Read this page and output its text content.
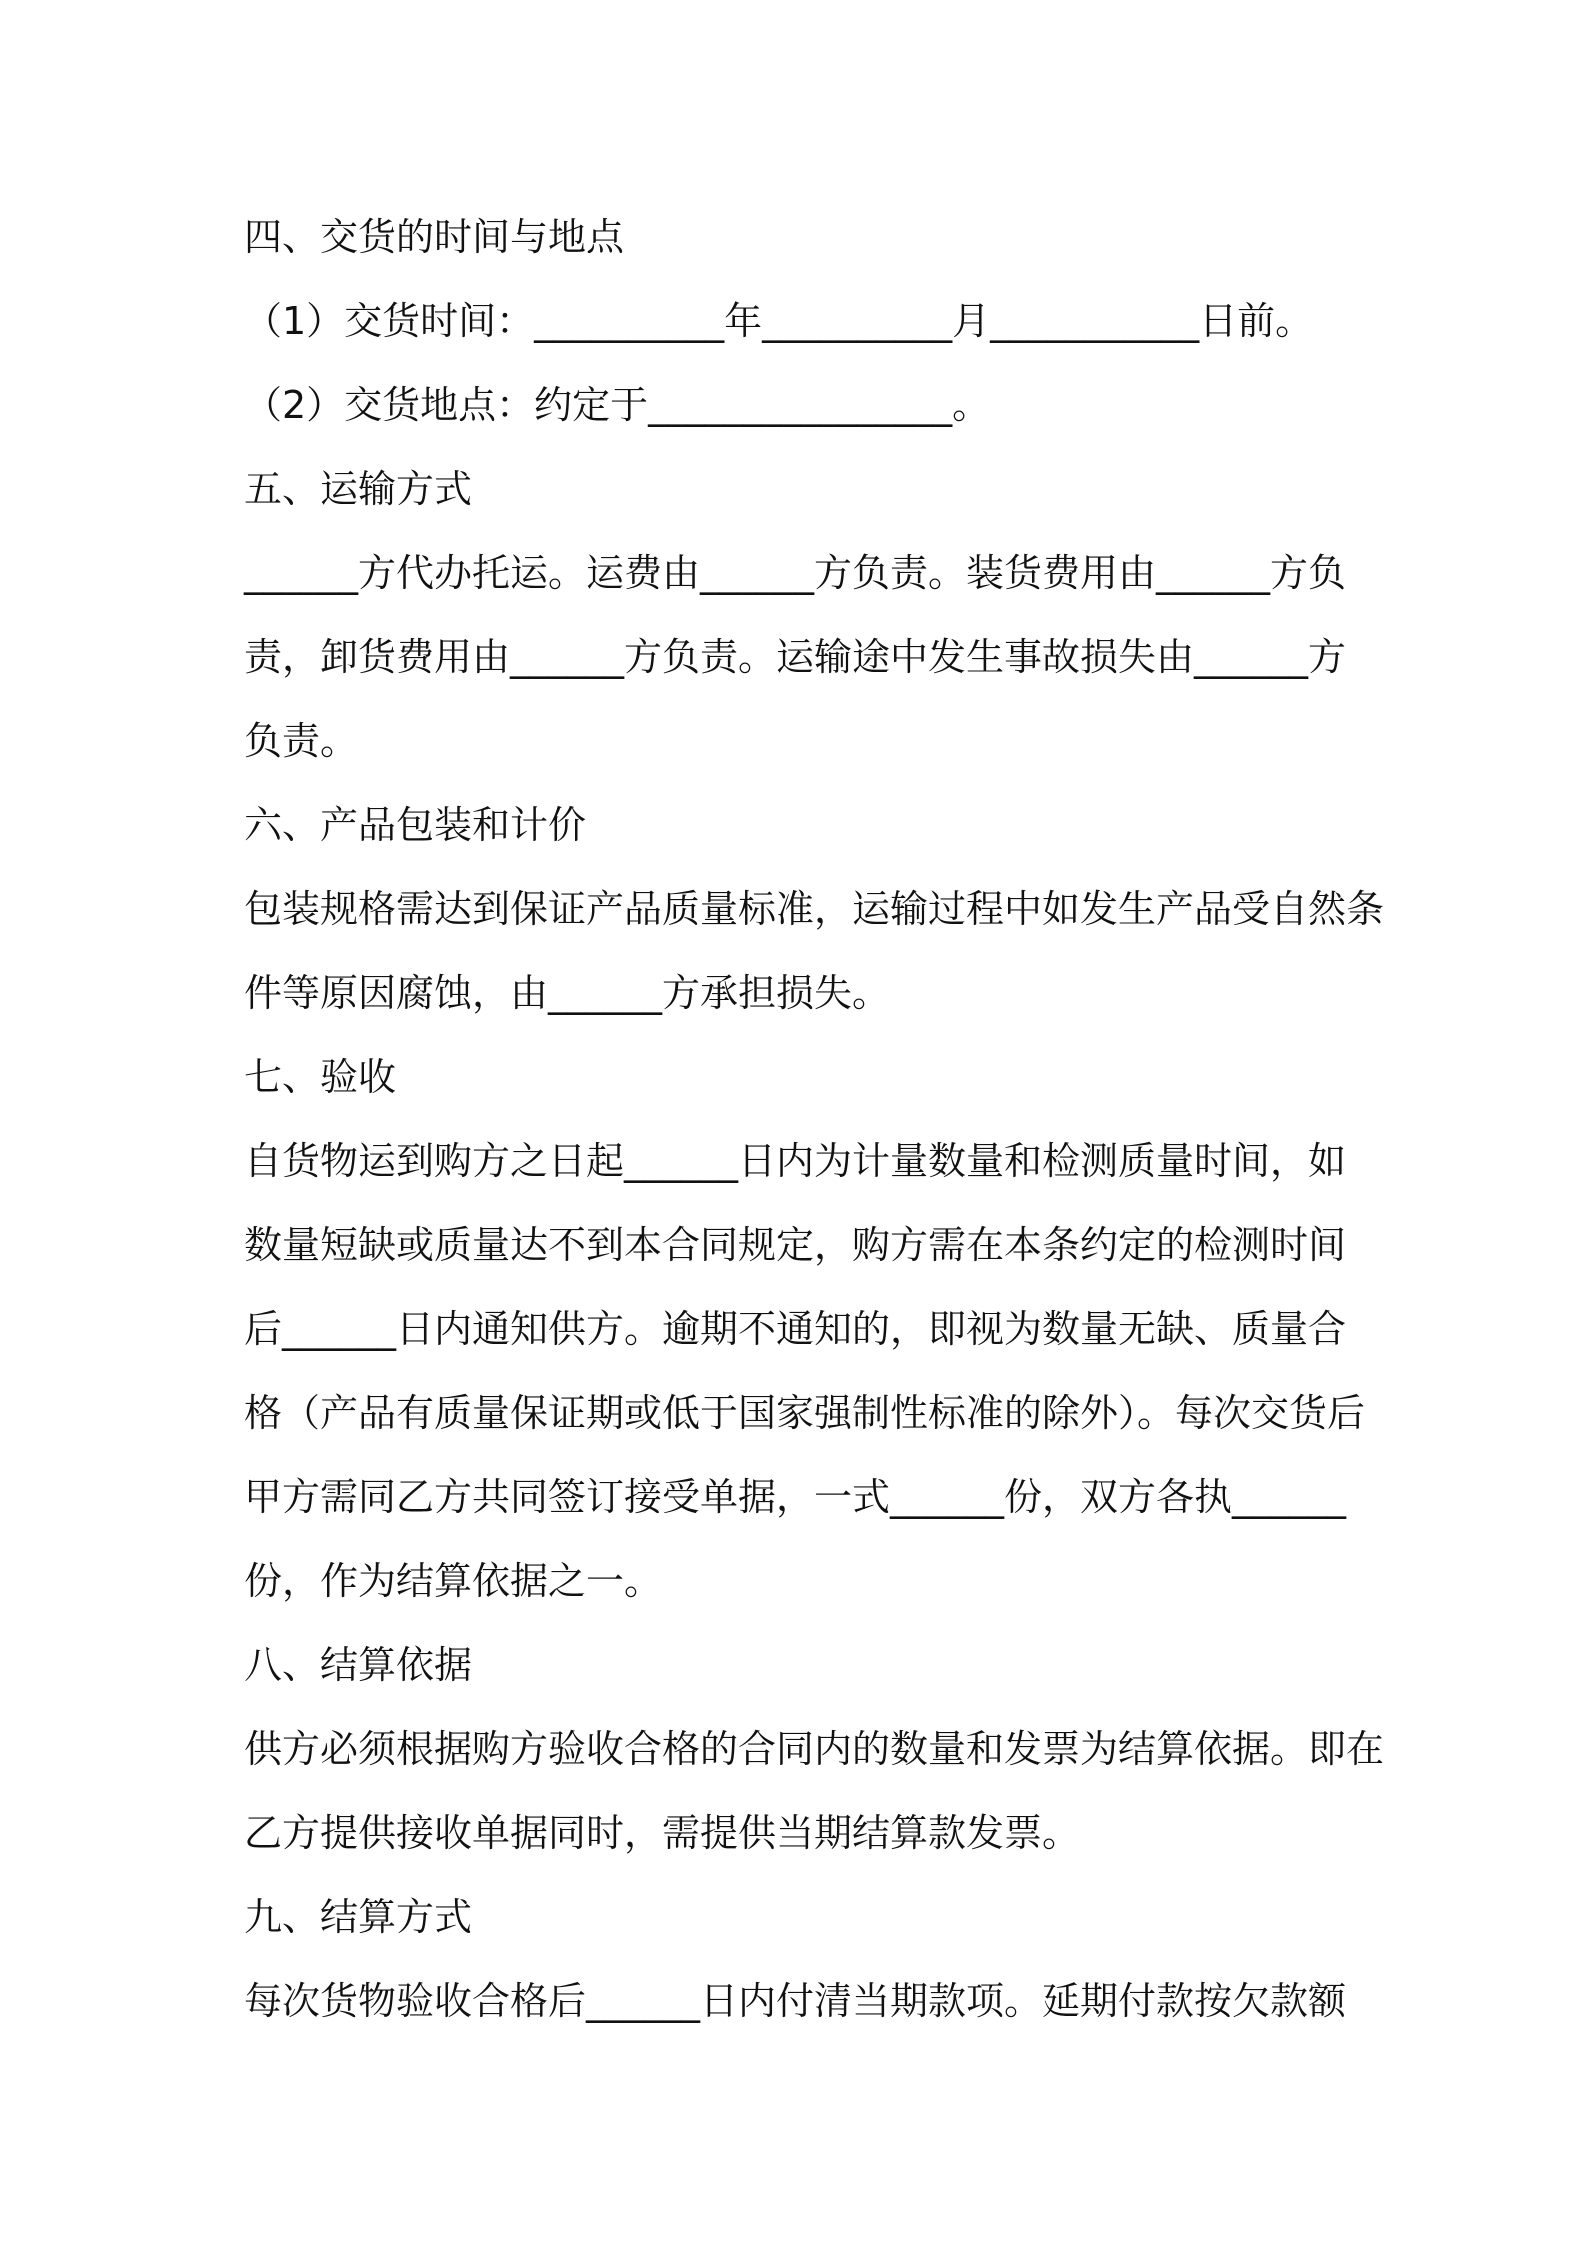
四、交货的时间与地点
（1）交货时间：__________年__________月___________日前。
（2）交货地点：约定于________________。
五、运输方式
______方代办托运。运费由______方负责。装货费用由______方负
责，卸货费用由______方负责。运输途中发生事故损失由______方
负责。
六、产品包装和计价
包装规格需达到保证产品质量标准，运输过程中如发生产品受自然条
件等原因腐蚀，由______方承担损失。
七、验收
自货物运到购方之日起______日内为计量数量和检测质量时间，如
数量短缺或质量达不到本合同规定，购方需在本条约定的检测时间
后______日内通知供方。逾期不通知的，即视为数量无缺、质量合
格（产品有质量保证期或低于国家强制性标准的除外）。每次交货后
甲方需同乙方共同签订接受单据，一式______份，双方各执______
份，作为结算依据之一。
八、结算依据
供方必须根据购方验收合格的合同内的数量和发票为结算依据。即在
乙方提供接收单据同时，需提供当期结算款发票。
九、结算方式
每次货物验收合格后______日内付清当期款项。延期付款按欠款额
